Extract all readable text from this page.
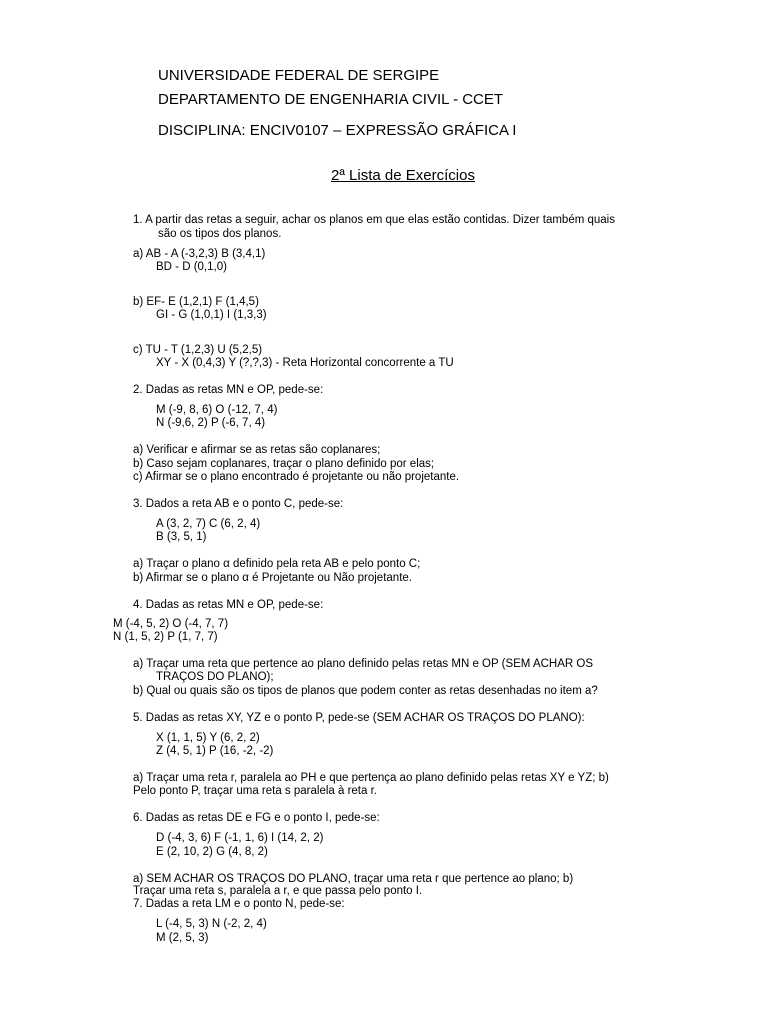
UNIVERSIDADE FEDERAL DE SERGIPE
DEPARTAMENTO DE ENGENHARIA CIVIL - CCET
DISCIPLINA: ENCIV0107 – EXPRESSÃO GRÁFICA I
2ª Lista de Exercícios
1. A partir das retas a seguir, achar os planos em que elas estão contidas. Dizer também quais
são os tipos dos planos.
a) AB - A (-3,2,3) B (3,4,1)
BD - D (0,1,0)
b) EF- E (1,2,1) F (1,4,5)
GI - G (1,0,1) I (1,3,3)
c) TU - T (1,2,3) U (5,2,5)
XY - X (0,4,3) Y (?,?,3) - Reta Horizontal concorrente a TU
2. Dadas as retas MN e OP, pede-se:
M (-9, 8, 6) O (-12, 7, 4)
N (-9,6, 2) P (-6, 7, 4)
a) Verificar e afirmar se as retas são coplanares;
b) Caso sejam coplanares, traçar o plano definido por elas;
c) Afirmar se o plano encontrado é projetante ou não projetante.
3. Dados a reta AB e o ponto C, pede-se:
A (3, 2, 7) C (6, 2, 4)
B (3, 5, 1)
a) Traçar o plano α definido pela reta AB e pelo ponto C;
b) Afirmar se o plano α é Projetante ou Não projetante.
4. Dadas as retas MN e OP, pede-se:
M (-4, 5, 2) O (-4, 7, 7)
N (1, 5, 2) P (1, 7, 7)
a) Traçar uma reta que pertence ao plano definido pelas retas MN e OP (SEM ACHAR OS
TRAÇOS DO PLANO);
b) Qual ou quais são os tipos de planos que podem conter as retas desenhadas no item a?
5. Dadas as retas XY, YZ e o ponto P, pede-se (SEM ACHAR OS TRAÇOS DO PLANO):
X (1, 1, 5) Y (6, 2, 2)
Z (4, 5, 1) P (16, -2, -2)
a) Traçar uma reta r, paralela ao PH e que pertença ao plano definido pelas retas XY e YZ; b)
Pelo ponto P, traçar uma reta s paralela à reta r.
6. Dadas as retas DE e FG e o ponto I, pede-se:
D (-4, 3, 6) F (-1, 1, 6) I (14, 2, 2)
E (2, 10, 2) G (4, 8, 2)
a) SEM ACHAR OS TRAÇOS DO PLANO, traçar uma reta r que pertence ao plano; b)
Traçar uma reta s, paralela a r, e que passa pelo ponto I.
7. Dadas a reta LM e o ponto N, pede-se:
L (-4, 5, 3) N (-2, 2, 4)
M (2, 5, 3)
